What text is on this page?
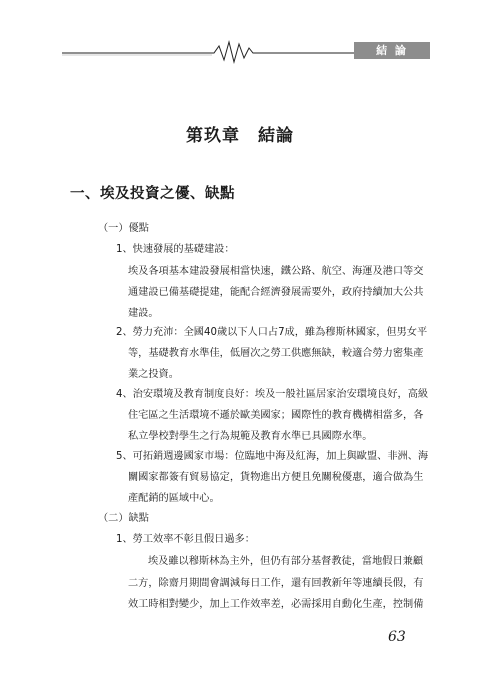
結 論
第玖章　結論
一、埃及投資之優、缺點
（一）優點
1、快速發展的基礎建設：
埃及各項基本建設發展相當快速，鐵公路、航空、海運及港口等交
通建設已備基礎提建，能配合經濟發展需要外，政府持續加大公共
建設。
2、勞力充沛：全國40歲以下人口占7成，雖為穆斯林國家，但男女平
等，基礎教育水準佳，低層次之勞工供應無缺，較適合勞力密集產
業之投資。
4、治安環境及教育制度良好：埃及一般社區居家治安環境良好，高級
住宅區之生活環境不遜於歐美國家；國際性的教育機構相當多，各
私立學校對學生之行為規範及教育水準已具國際水準。
5、可拓銷週邊國家市場：位臨地中海及紅海，加上與歐盟、非洲、海
關國家都簽有貿易協定，貨物進出方便且免關稅優惠，適合做為生
產配銷的區域中心。
（二）缺點
1、勞工效率不彰且假日過多：
埃及雖以穆斯林為主外，但仍有部分基督教徒，當地假日兼顧
二方，除齋月期間會調減每日工作，還有回教新年等連續長假，有
效工時相對變少，加上工作效率差，必需採用自動化生產，控制備
63
